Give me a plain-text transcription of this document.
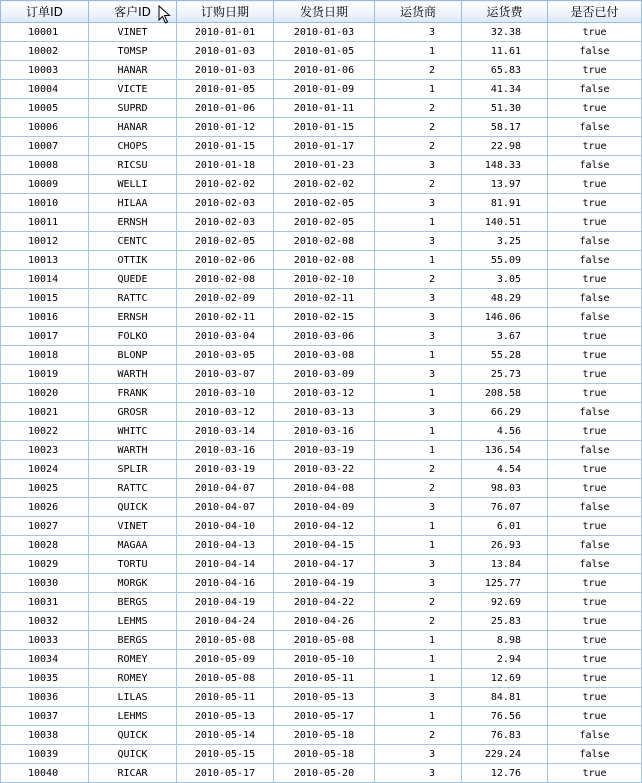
订单ID	客户ID	订购日期	发货日期	运货商	运货费	是否已付
10001	VINET	2010-01-01	2010-01-03	3	32.38	true
10002	TOMSP	2010-01-03	2010-01-05	1	11.61	false
10003	HANAR	2010-01-03	2010-01-06	2	65.83	true
10004	VICTE	2010-01-05	2010-01-09	1	41.34	false
10005	SUPRD	2010-01-06	2010-01-11	2	51.30	true
10006	HANAR	2010-01-12	2010-01-15	2	58.17	false
10007	CHOPS	2010-01-15	2010-01-17	2	22.98	true
10008	RICSU	2010-01-18	2010-01-23	3	148.33	false
10009	WELLI	2010-02-02	2010-02-02	2	13.97	true
10010	HILAA	2010-02-03	2010-02-05	3	81.91	true
10011	ERNSH	2010-02-03	2010-02-05	1	140.51	true
10012	CENTC	2010-02-05	2010-02-08	3	3.25	false
10013	OTTIK	2010-02-06	2010-02-08	1	55.09	false
10014	QUEDE	2010-02-08	2010-02-10	2	3.05	true
10015	RATTC	2010-02-09	2010-02-11	3	48.29	false
10016	ERNSH	2010-02-11	2010-02-15	3	146.06	false
10017	FOLKO	2010-03-04	2010-03-06	3	3.67	true
10018	BLONP	2010-03-05	2010-03-08	1	55.28	true
10019	WARTH	2010-03-07	2010-03-09	3	25.73	true
10020	FRANK	2010-03-10	2010-03-12	1	208.58	true
10021	GROSR	2010-03-12	2010-03-13	3	66.29	false
10022	WHITC	2010-03-14	2010-03-16	1	4.56	true
10023	WARTH	2010-03-16	2010-03-19	1	136.54	false
10024	SPLIR	2010-03-19	2010-03-22	2	4.54	true
10025	RATTC	2010-04-07	2010-04-08	2	98.03	true
10026	QUICK	2010-04-07	2010-04-09	3	76.07	false
10027	VINET	2010-04-10	2010-04-12	1	6.01	true
10028	MAGAA	2010-04-13	2010-04-15	1	26.93	false
10029	TORTU	2010-04-14	2010-04-17	3	13.84	false
10030	MORGK	2010-04-16	2010-04-19	3	125.77	true
10031	BERGS	2010-04-19	2010-04-22	2	92.69	true
10032	LEHMS	2010-04-24	2010-04-26	2	25.83	true
10033	BERGS	2010-05-08	2010-05-08	1	8.98	true
10034	ROMEY	2010-05-09	2010-05-10	1	2.94	true
10035	ROMEY	2010-05-08	2010-05-11	1	12.69	true
10036	LILAS	2010-05-11	2010-05-13	3	84.81	true
10037	LEHMS	2010-05-13	2010-05-17	1	76.56	true
10038	QUICK	2010-05-14	2010-05-18	2	76.83	false
10039	QUICK	2010-05-15	2010-05-18	3	229.24	false
10040	RICAR	2010-05-17	2010-05-20	3	12.76	true
